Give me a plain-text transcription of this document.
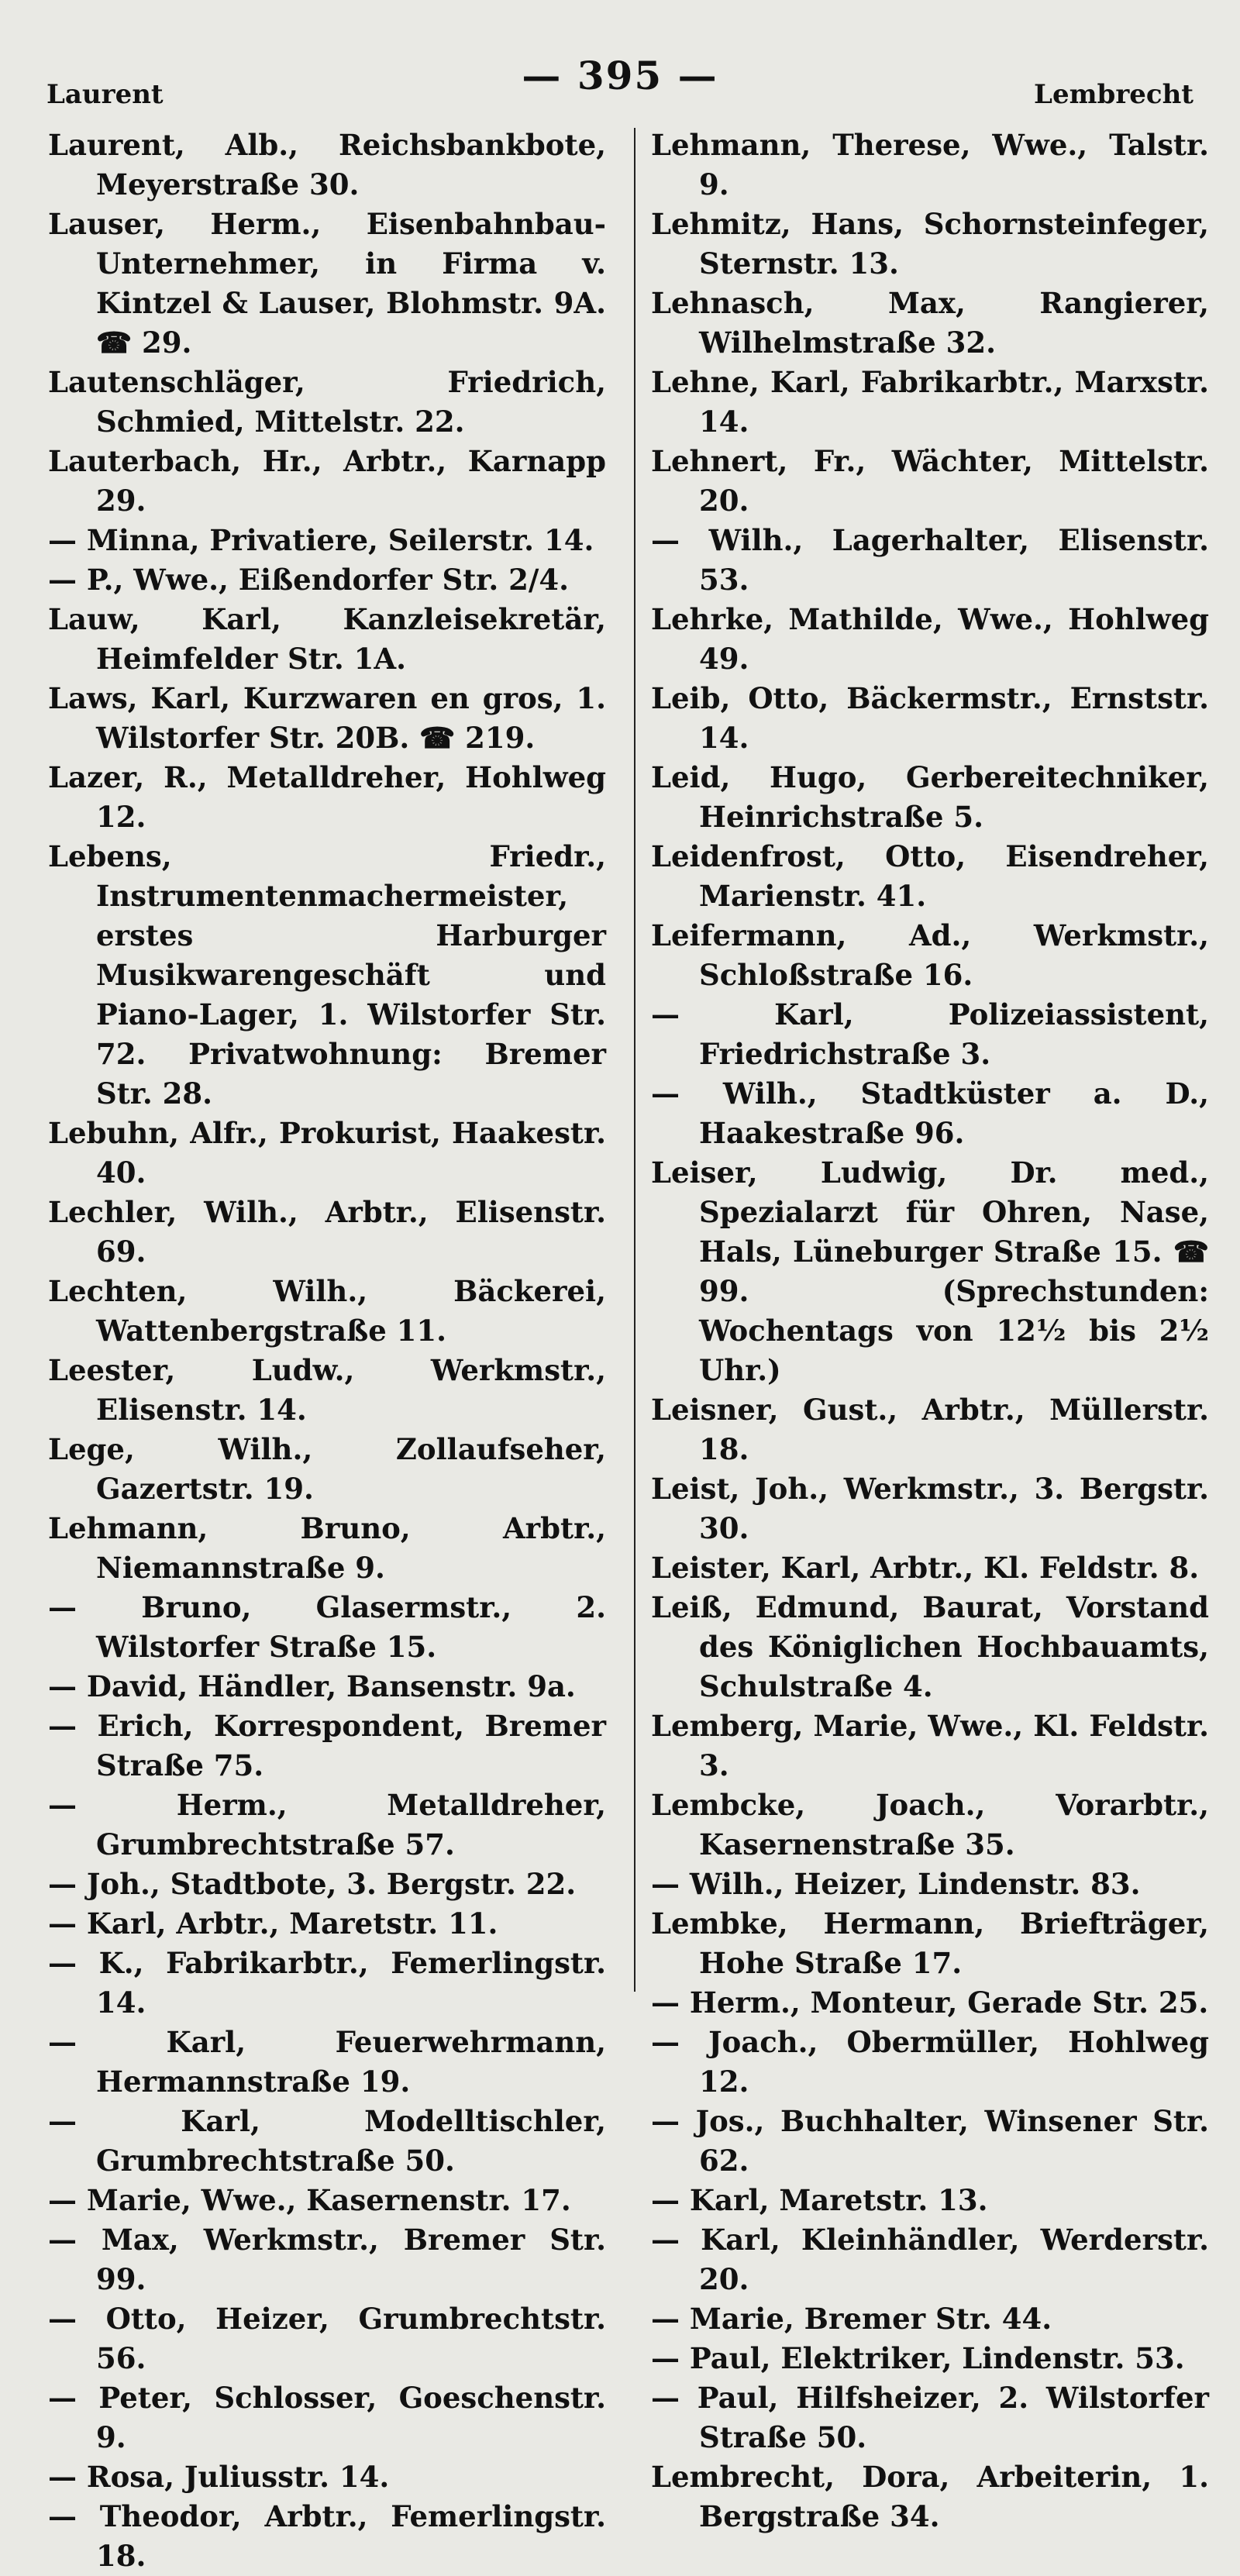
Laurent	— 395 —	Lembrecht
Laurent, Alb., Reichsbankbote, Meyerstraße 30.
Lauser, Herm., Eisenbahnbau-Unternehmer, in Firma v. Kintzel & Lauser, Blohmstr. 9A. ☎ 29.
Lautenschläger, Friedrich, Schmied, Mittelstr. 22.
Lauterbach, Hr., Arbtr., Karnapp 29.
— Minna, Privatiere, Seilerstr. 14.
— P., Wwe., Eißendorfer Str. 2/4.
Lauw, Karl, Kanzleisekretär, Heimfelder Str. 1A.
Laws, Karl, Kurzwaren en gros, 1. Wilstorfer Str. 20B. ☎ 219.
Lazer, R., Metalldreher, Hohlweg 12.
Lebens, Friedr., Instrumentenmachermeister, erstes Harburger Musikwarengeschäft und Piano-Lager, 1. Wilstorfer Str. 72. Privatwohnung: Bremer Str. 28.
Lebuhn, Alfr., Prokurist, Haakestr. 40.
Lechler, Wilh., Arbtr., Elisenstr. 69.
Lechten, Wilh., Bäckerei, Wattenbergstraße 11.
Leester, Ludw., Werkmstr., Elisenstr. 14.
Lege, Wilh., Zollaufseher, Gazertstr. 19.
Lehmann, Bruno, Arbtr., Niemannstraße 9.
— Bruno, Glasermstr., 2. Wilstorfer Straße 15.
— David, Händler, Bansenstr. 9a.
— Erich, Korrespondent, Bremer Straße 75.
— Herm., Metalldreher, Grumbrechtstraße 57.
— Joh., Stadtbote, 3. Bergstr. 22.
— Karl, Arbtr., Maretstr. 11.
— K., Fabrikarbtr., Femerlingstr. 14.
— Karl, Feuerwehrmann, Hermannstraße 19.
— Karl, Modelltischler, Grumbrechtstraße 50.
— Marie, Wwe., Kasernenstr. 17.
— Max, Werkmstr., Bremer Str. 99.
— Otto, Heizer, Grumbrechtstr. 56.
— Peter, Schlosser, Goeschenstr. 9.
— Rosa, Juliusstr. 14.
— Theodor, Arbtr., Femerlingstr. 18.
Lehmann, Therese, Wwe., Talstr. 9.
Lehmitz, Hans, Schornsteinfeger, Sternstr. 13.
Lehnasch, Max, Rangierer, Wilhelmstraße 32.
Lehne, Karl, Fabrikarbtr., Marxstr. 14.
Lehnert, Fr., Wächter, Mittelstr. 20.
— Wilh., Lagerhalter, Elisenstr. 53.
Lehrke, Mathilde, Wwe., Hohlweg 49.
Leib, Otto, Bäckermstr., Ernststr. 14.
Leid, Hugo, Gerbereitechniker, Heinrichstraße 5.
Leidenfrost, Otto, Eisendreher, Marienstr. 41.
Leifermann, Ad., Werkmstr., Schloßstraße 16.
— Karl, Polizeiassistent, Friedrichstraße 3.
— Wilh., Stadtküster a. D., Haakestraße 96.
Leiser, Ludwig, Dr. med., Spezialarzt für Ohren, Nase, Hals, Lüneburger Straße 15. ☎ 99. (Sprechstunden: Wochentags von 12½ bis 2½ Uhr.)
Leisner, Gust., Arbtr., Müllerstr. 18.
Leist, Joh., Werkmstr., 3. Bergstr. 30.
Leister, Karl, Arbtr., Kl. Feldstr. 8.
Leiß, Edmund, Baurat, Vorstand des Königlichen Hochbauamts, Schulstraße 4.
Lemberg, Marie, Wwe., Kl. Feldstr. 3.
Lembcke, Joach., Vorarbtr., Kasernenstraße 35.
— Wilh., Heizer, Lindenstr. 83.
Lembke, Hermann, Briefträger, Hohe Straße 17.
— Herm., Monteur, Gerade Str. 25.
— Joach., Obermüller, Hohlweg 12.
— Jos., Buchhalter, Winsener Str. 62.
— Karl, Maretstr. 13.
— Karl, Kleinhändler, Werderstr. 20.
— Marie, Bremer Str. 44.
— Paul, Elektriker, Lindenstr. 53.
— Paul, Hilfsheizer, 2. Wilstorfer Straße 50.
Lembrecht, Dora, Arbeiterin, 1. Bergstraße 34.
